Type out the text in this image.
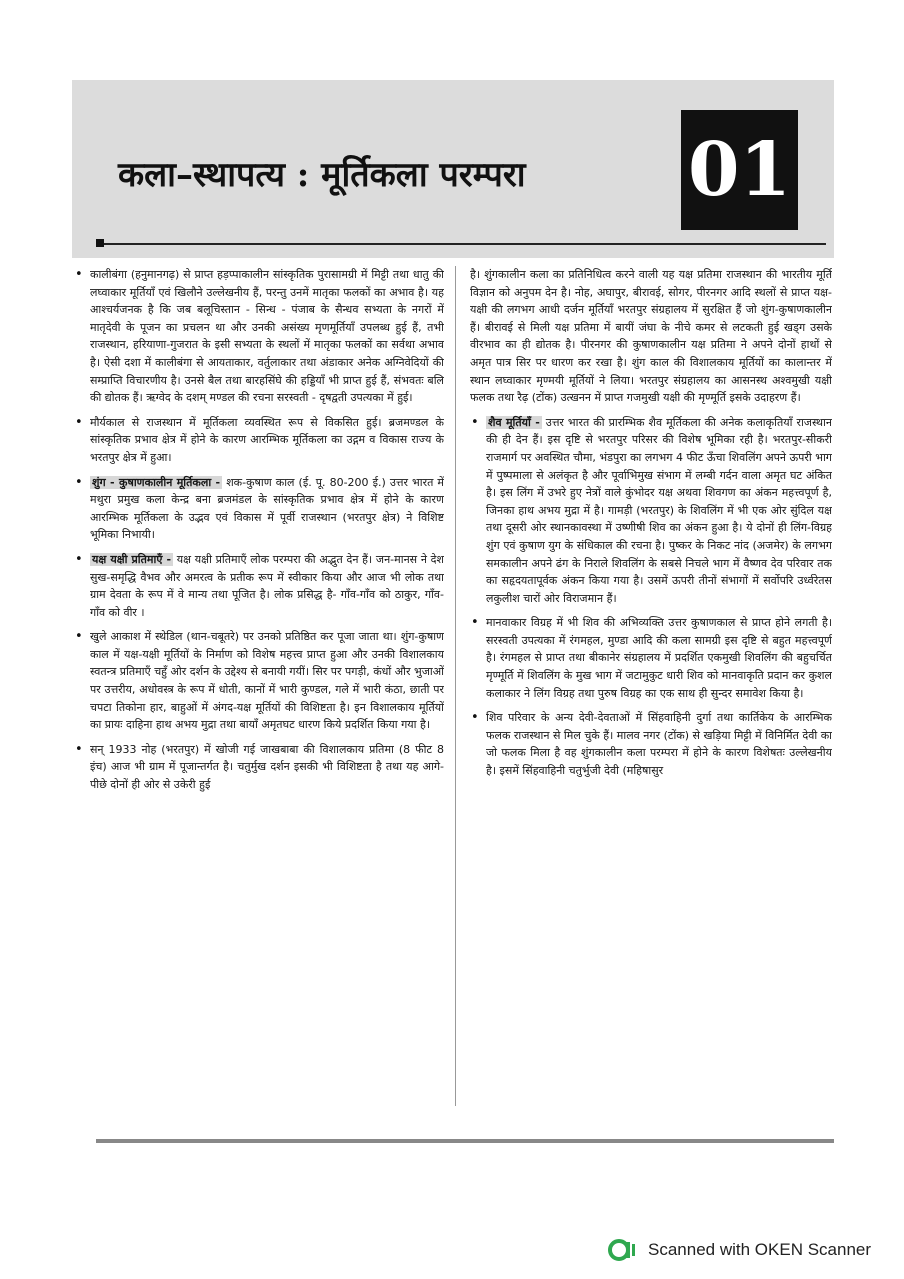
कला–स्थापत्य : मूर्तिकला परम्परा	01

• कालीबंगा (हनुमानगढ़) से प्राप्त हड़प्पाकालीन सांस्कृतिक पुरासामग्री में मिट्टी तथा धातु की लघ्वाकार मूर्तियाँ एवं खिलौने उल्लेखनीय हैं, परन्तु उनमें मातृका फलकों का अभाव है। यह आश्चर्यजनक है कि जब बलूचिस्तान - सिन्ध - पंजाब के सैन्धव सभ्यता के नगरों में मातृदेवी के पूजन का प्रचलन था और उनकी असंख्य मृणमूर्तियाँ उपलब्ध हुई हैं, तभी राजस्थान, हरियाणा-गुजरात के इसी सभ्यता के स्थलों में मातृका फलकों का सर्वथा अभाव है। ऐसी दशा में कालीबंगा से आयताकार, वर्तुलाकार तथा अंडाकार अनेक अग्निवेदियों की सम्प्राप्ति विचारणीय है। उनसे बैल तथा बारहसिंघे की हड्डियाँ भी प्राप्त हुई हैं, संभवतः बलि की द्योतक हैं। ऋग्वेद के दशम् मण्डल की रचना सरस्वती - दृषद्वती उपत्यका में हुई।

• मौर्यकाल से राजस्थान में मूर्तिकला व्यवस्थित रूप से विकसित हुई। ब्रजमण्डल के सांस्कृतिक प्रभाव क्षेत्र में होने के कारण आरम्भिक मूर्तिकला का उद्गम व विकास राज्य के भरतपुर क्षेत्र में हुआ।

• शुंग - कुषाणकालीन मूर्तिकला - शक-कुषाण काल (ई. पू. 80-200 ई.) उत्तर भारत में मथुरा प्रमुख कला केन्द्र बना ब्रजमंडल के सांस्कृतिक प्रभाव क्षेत्र में होने के कारण आरम्भिक मूर्तिकला के उद्भव एवं विकास में पूर्वी राजस्थान (भरतपुर क्षेत्र) ने विशिष्ट भूमिका निभायी।

• यक्ष यक्षी प्रतिमाएँ - यक्ष यक्षी प्रतिमाएँ लोक परम्परा की अद्भुत देन हैं। जन-मानस ने देश सुख-समृद्धि वैभव और अमरत्व के प्रतीक रूप में स्वीकार किया और आज भी लोक तथा ग्राम देवता के रूप में वे मान्य तथा पूजित है। लोक प्रसिद्ध है- गाँव-गाँव को ठाकुर, गाँव-गाँव को वीर ।

• खुले आकाश में स्थेडिल (थान-चबूतरे) पर उनको प्रतिष्ठित कर पूजा जाता था। शुंग-कुषाण काल में यक्ष-यक्षी मूर्तियों के निर्माण को विशेष महत्त्व प्राप्त हुआ और उनकी विशालकाय स्वतन्त्र प्रतिमाएँ चहुँ ओर दर्शन के उद्देश्य से बनायी गयीं। सिर पर पगड़ी, कंधों और भुजाओं पर उत्तरीय, अधोवस्त्र के रूप में धोती, कानों में भारी कुण्डल, गले में भारी कंठा, छाती पर चपटा तिकोना हार, बाहुओं में अंगद-यक्ष मूर्तियों की विशिष्टता है। इन विशालकाय मूर्तियों का प्रायः दाहिना हाथ अभय मुद्रा तथा बायाँ अमृतघट धारण किये प्रदर्शित किया गया है।

• सन् 1933 नोह (भरतपुर) में खोजी गई जाखबाबा की विशालकाय प्रतिमा (8 फीट 8 इंच) आज भी ग्राम में पूजान्तर्गत है। चतुर्मुख दर्शन इसकी भी विशिष्टता है तथा यह आगे-पीछे दोनों ही ओर से उकेरी हुई

है। शुंगकालीन कला का प्रतिनिधित्व करने वाली यह यक्ष प्रतिमा राजस्थान की भारतीय मूर्ति विज्ञान को अनुपम देन है। नोह, अघापुर, बीरावई, सोगर, पीरनगर आदि स्थलों से प्राप्त यक्ष-यक्षी की लगभग आधी दर्जन मूर्तियाँ भरतपुर संग्रहालय में सुरक्षित हैं जो शुंग-कुषाणकालीन हैं। बीरावई से मिली यक्ष प्रतिमा में बायीं जंघा के नीचे कमर से लटकती हुई खड्ग उसके वीरभाव का ही द्योतक है। पीरनगर की कुषाणकालीन यक्ष प्रतिमा ने अपने दोनों हाथों से अमृत पात्र सिर पर धारण कर रखा है। शुंग काल की विशालकाय मूर्तियों का कालान्तर में स्थान लघ्वाकार मृण्मयी मूर्तियों ने लिया। भरतपुर संग्रहालय का आसनस्थ अश्वमुखी यक्षी फलक तथा रैढ़ (टोंक) उत्खनन में प्राप्त गजमुखी यक्षी की मृण्मूर्ति इसके उदाहरण हैं।

• शैव मूर्तियाँ - उत्तर भारत की प्रारम्भिक शैव मूर्तिकला की अनेक कलाकृतियाँ राजस्थान की ही देन हैं। इस दृष्टि से भरतपुर परिसर की विशेष भूमिका रही है। भरतपुर-सीकरी राजमार्ग पर अवस्थित चौमा, भंडपुरा का लगभग 4 फीट ऊँचा शिवलिंग अपने ऊपरी भाग में पुष्पमाला से अलंकृत है और पूर्वाभिमुख संभाग में लम्बी गर्दन वाला अमृत घट अंकित है। इस लिंग में उभरे हुए नेत्रों वाले कुंभोदर यक्ष अथवा शिवगण का अंकन महत्त्वपूर्ण है, जिनका हाथ अभय मुद्रा में है। गामड़ी (भरतपुर) के शिवलिंग में भी एक ओर सुंदिल यक्ष तथा दूसरी ओर स्थानकावस्था में उष्णीषी शिव का अंकन हुआ है। ये दोनों ही लिंग-विग्रह शुंग एवं कुषाण युग के संधिकाल की रचना है। पुष्कर के निकट नांद (अजमेर) के लगभग समकालीन अपने ढंग के निराले शिवलिंग के सबसे निचले भाग में वैष्णव देव परिवार तक का सहृदयतापूर्वक अंकन किया गया है। उसमें ऊपरी तीनों संभागों में सर्वोपरि उर्ध्वरेतस लकुलीश चारों ओर विराजमान हैं।

• मानवाकार विग्रह में भी शिव की अभिव्यक्ति उत्तर कुषाणकाल से प्राप्त होने लगती है। सरस्वती उपत्यका में रंगमहल, मुण्डा आदि की कला सामग्री इस दृष्टि से बहुत महत्त्वपूर्ण है। रंगमहल से प्राप्त तथा बीकानेर संग्रहालय में प्रदर्शित एकमुखी शिवलिंग की बहुचर्चित मृण्मूर्ति में शिवलिंग के मुख भाग में जटामुकुट धारी शिव को मानवाकृति प्रदान कर कुशल कलाकार ने लिंग विग्रह तथा पुरुष विग्रह का एक साथ ही सुन्दर समावेश किया है।

• शिव परिवार के अन्य देवी-देवताओं में सिंहवाहिनी दुर्गा तथा कार्तिकेय के आरम्भिक फलक राजस्थान से मिल चुके हैं। मालव नगर (टोंक) से खड़िया मिट्टी में विनिर्मित देवी का जो फलक मिला है वह शुंगकालीन कला परम्परा में होने के कारण विशेषतः उल्लेखनीय है। इसमें सिंहवाहिनी चतुर्भुजी देवी (महिषासुर

Scanned with OKEN Scanner
